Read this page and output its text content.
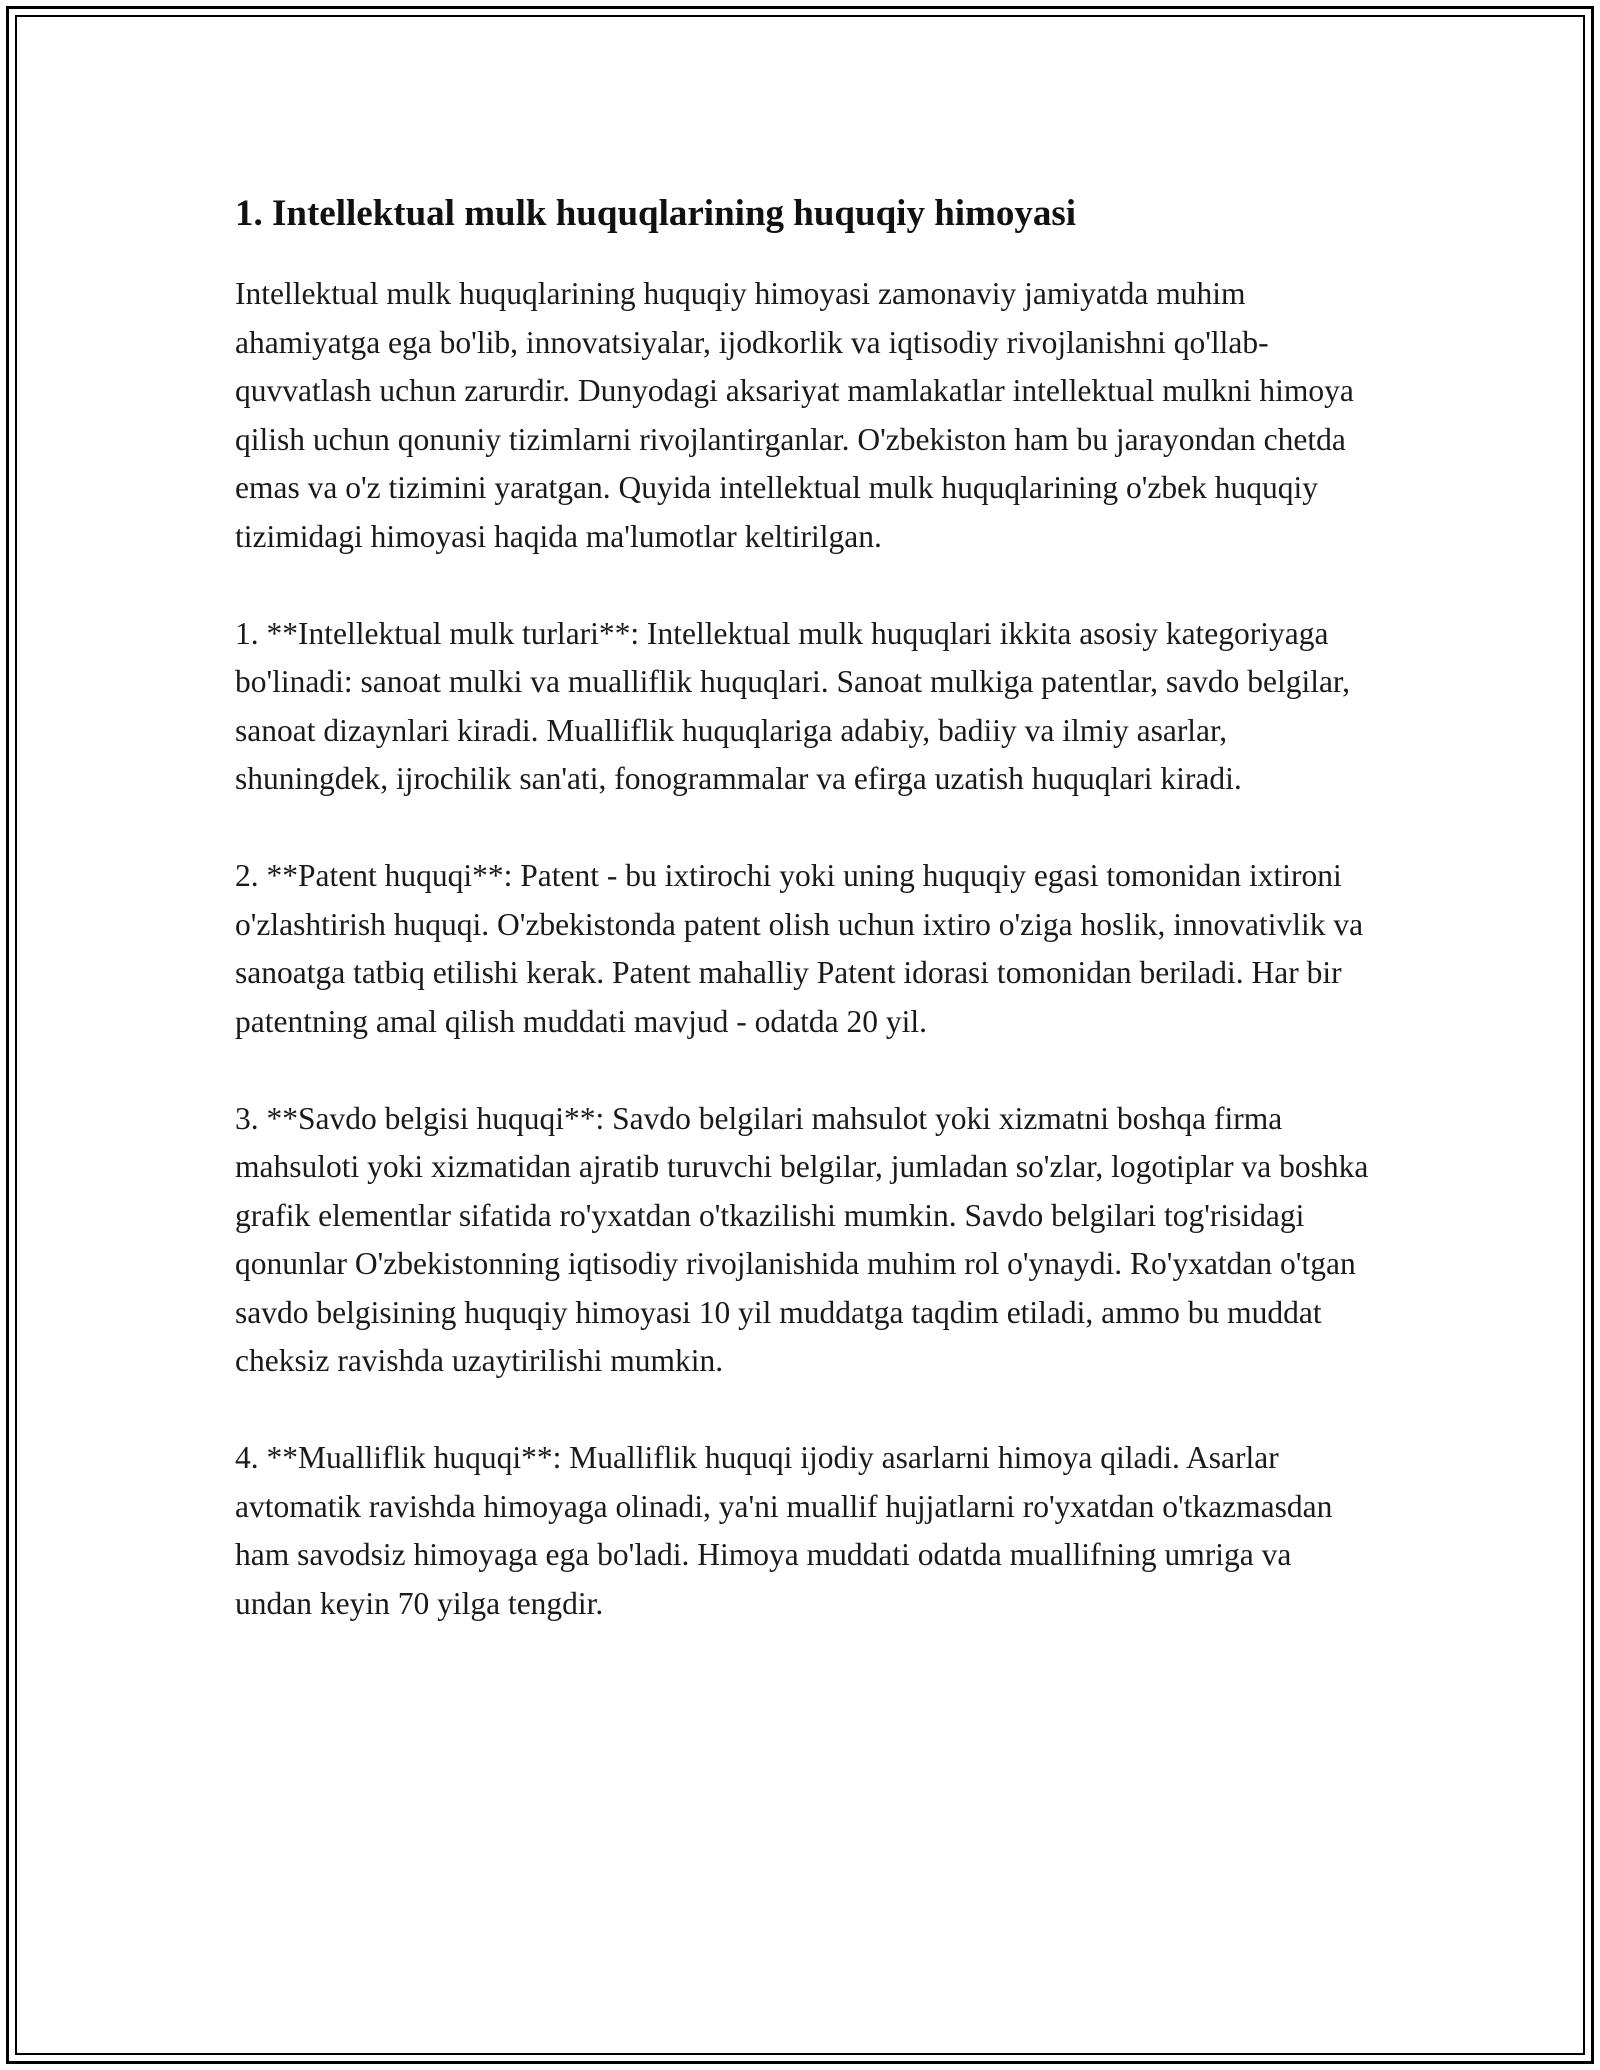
1. Intellektual mulk huquqlarining huquqiy himoyasi

Intellektual mulk huquqlarining huquqiy himoyasi zamonaviy jamiyatda muhim ahamiyatga ega bo'lib, innovatsiyalar, ijodkorlik va iqtisodiy rivojlanishni qo'llab-quvvatlash uchun zarurdir. Dunyodagi aksariyat mamlakatlar intellektual mulkni himoya qilish uchun qonuniy tizimlarni rivojlantirganlar. O'zbekiston ham bu jarayondan chetda emas va o'z tizimini yaratgan. Quyida intellektual mulk huquqlarining o'zbek huquqiy tizimidagi himoyasi haqida ma'lumotlar keltirilgan.

1. **Intellektual mulk turlari**: Intellektual mulk huquqlari ikkita asosiy kategoriyaga bo'linadi: sanoat mulki va mualliflik huquqlari. Sanoat mulkiga patentlar, savdo belgilar, sanoat dizaynlari kiradi. Mualliflik huquqlariga adabiy, badiiy va ilmiy asarlar, shuningdek, ijrochilik san'ati, fonogrammalar va efirga uzatish huquqlari kiradi.

2. **Patent huquqi**: Patent - bu ixtirochi yoki uning huquqiy egasi tomonidan ixtironi o'zlashtirish huquqi. O'zbekistonda patent olish uchun ixtiro o'ziga hoslik, innovativlik va sanoatga tatbiq etilishi kerak. Patent mahalliy Patent idorasi tomonidan beriladi. Har bir patentning amal qilish muddati mavjud - odatda 20 yil.

3. **Savdo belgisi huquqi**: Savdo belgilari mahsulot yoki xizmatni boshqa firma mahsuloti yoki xizmatidan ajratib turuvchi belgilar, jumladan so'zlar, logotiplar va boshka grafik elementlar sifatida ro'yxatdan o'tkazilishi mumkin. Savdo belgilari tog'risidagi qonunlar O'zbekistonning iqtisodiy rivojlanishida muhim rol o'ynaydi. Ro'yxatdan o'tgan savdo belgisining huquqiy himoyasi 10 yil muddatga taqdim etiladi, ammo bu muddat cheksiz ravishda uzaytirilishi mumkin.

4. **Mualliflik huquqi**: Mualliflik huquqi ijodiy asarlarni himoya qiladi. Asarlar avtomatik ravishda himoyaga olinadi, ya'ni muallif hujjatlarni ro'yxatdan o'tkazmasdan ham savodsiz himoyaga ega bo'ladi. Himoya muddati odatda muallifning umriga va undan keyin 70 yilga tengdir.
